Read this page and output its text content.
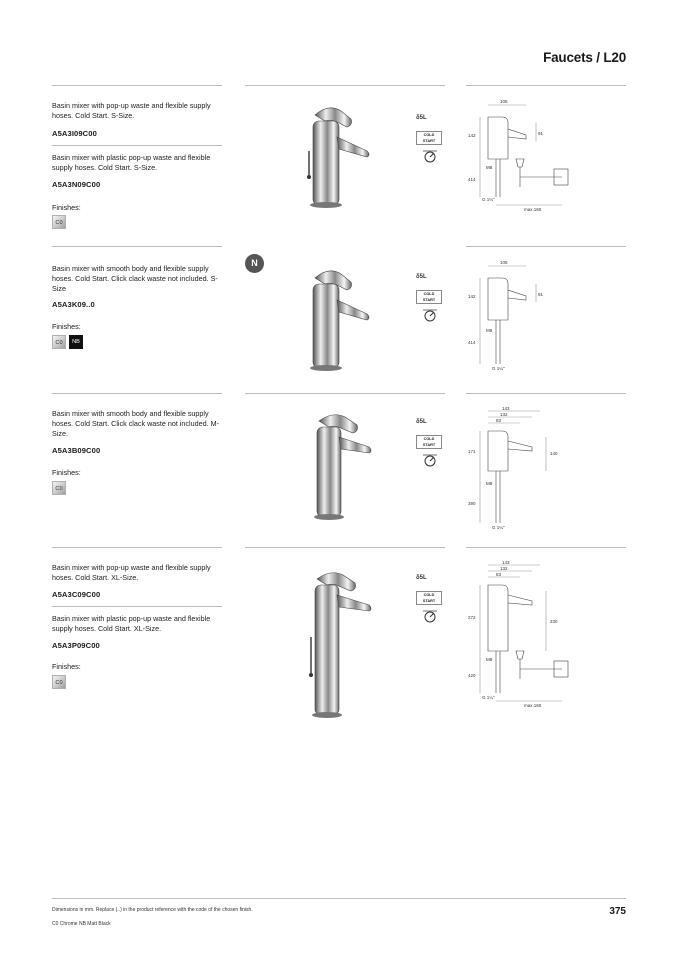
Faucets / L20
Basin mixer with pop-up waste and flexible supply hoses. Cold Start. S-Size.
A5A3I09C00
Basin mixer with plastic pop-up waste and flexible supply hoses. Cold Start. S-Size.
A5A3N09C00
Finishes:
C0
δ5L
COLD START
105
142
414
91
M8
G 1¼"
max.160
N
Basin mixer with smooth body and flexible supply hoses. Cold Start. Click clack waste not included. S-Size
A5A3K09..0
Finishes:
C0	NB
δ5L
COLD START
105
142
414
91
M8
G 1¼"
Basin mixer with smooth body and flexible supply hoses. Cold Start. Click clack waste not included. M-Size.
A5A3B09C00
Finishes:
C0
δ5L
COLD START
143
132
83
171	140
M8
390
G 1¼"
Basin mixer with pop-up waste and flexible supply hoses. Cold Start. XL-Size.
A5A3C09C00
Basin mixer with plastic pop-up waste and flexible supply hoses. Cold Start. XL-Size.
A5A3P09C00
Finishes:
C0
δ5L
COLD START
143
132
83
272
230
M8
420
G 1¼"
max.160
Dimensions in mm. Replace (..) in the product reference with the code of the chosen finish.
C0 Chrome NB Matt Black
375
